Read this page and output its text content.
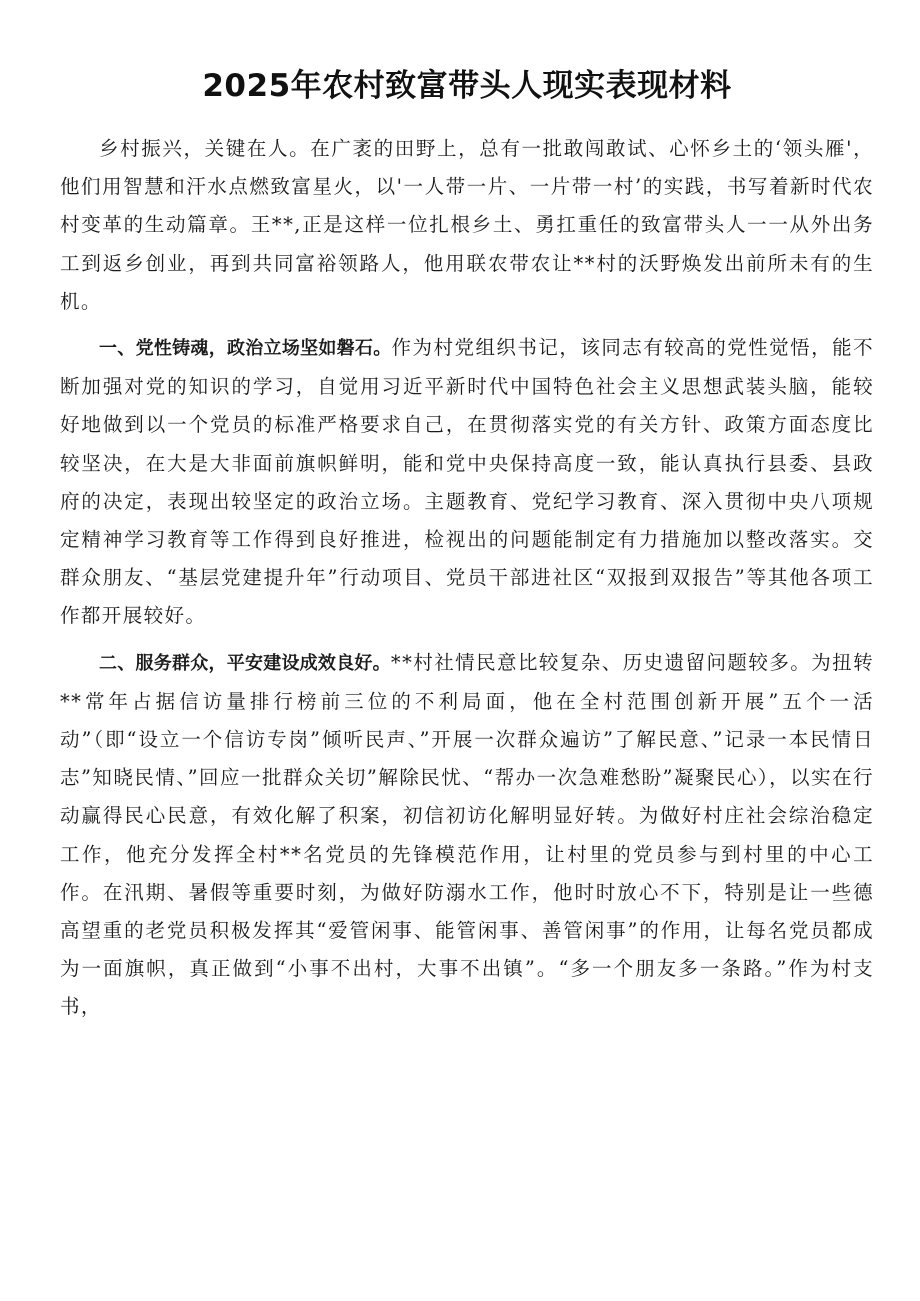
2025年农村致富带头人现实表现材料

乡村振兴，关键在人。在广袤的田野上，总有一批敢闯敢试、心怀乡土的‘领头雁'，他们用智慧和汗水点燃致富星火，以'一人带一片、一片带一村’的实践，书写着新时代农村变革的生动篇章。王**,正是这样一位扎根乡土、勇扛重任的致富带头人一一从外出务工到返乡创业，再到共同富裕领路人，他用联农带农让**村的沃野焕发出前所未有的生机。

一、党性铸魂，政治立场坚如磐石。作为村党组织书记，该同志有较高的党性觉悟，能不断加强对党的知识的学习，自觉用习近平新时代中国特色社会主义思想武装头脑，能较好地做到以一个党员的标准严格要求自己，在贯彻落实党的有关方针、政策方面态度比较坚决，在大是大非面前旗帜鲜明，能和党中央保持高度一致，能认真执行县委、县政府的决定，表现出较坚定的政治立场。主题教育、党纪学习教育、深入贯彻中央八项规定精神学习教育等工作得到良好推进，检视出的问题能制定有力措施加以整改落实。交群众朋友、“基层党建提升年”行动项目、党员干部进社区“双报到双报告”等其他各项工作都开展较好。

二、服务群众，平安建设成效良好。**村社情民意比较复杂、历史遗留问题较多。为扭转**常年占据信访量排行榜前三位的不利局面，他在全村范围创新开展”五个一活动”（即“设立一个信访专岗”倾听民声、”开展一次群众遍访”了解民意、”记录一本民情日志”知晓民情、”回应一批群众关切”解除民忧、“帮办一次急难愁盼”凝聚民心），以实在行动赢得民心民意，有效化解了积案，初信初访化解明显好转。为做好村庄社会综治稳定工作，他充分发挥全村**名党员的先锋模范作用，让村里的党员参与到村里的中心工作。在汛期、暑假等重要时刻，为做好防溺水工作，他时时放心不下，特别是让一些德高望重的老党员积极发挥其“爱管闲事、能管闲事、善管闲事”的作用，让每名党员都成为一面旗帜，真正做到“小事不出村，大事不出镇”。“多一个朋友多一条路。”作为村支书，
